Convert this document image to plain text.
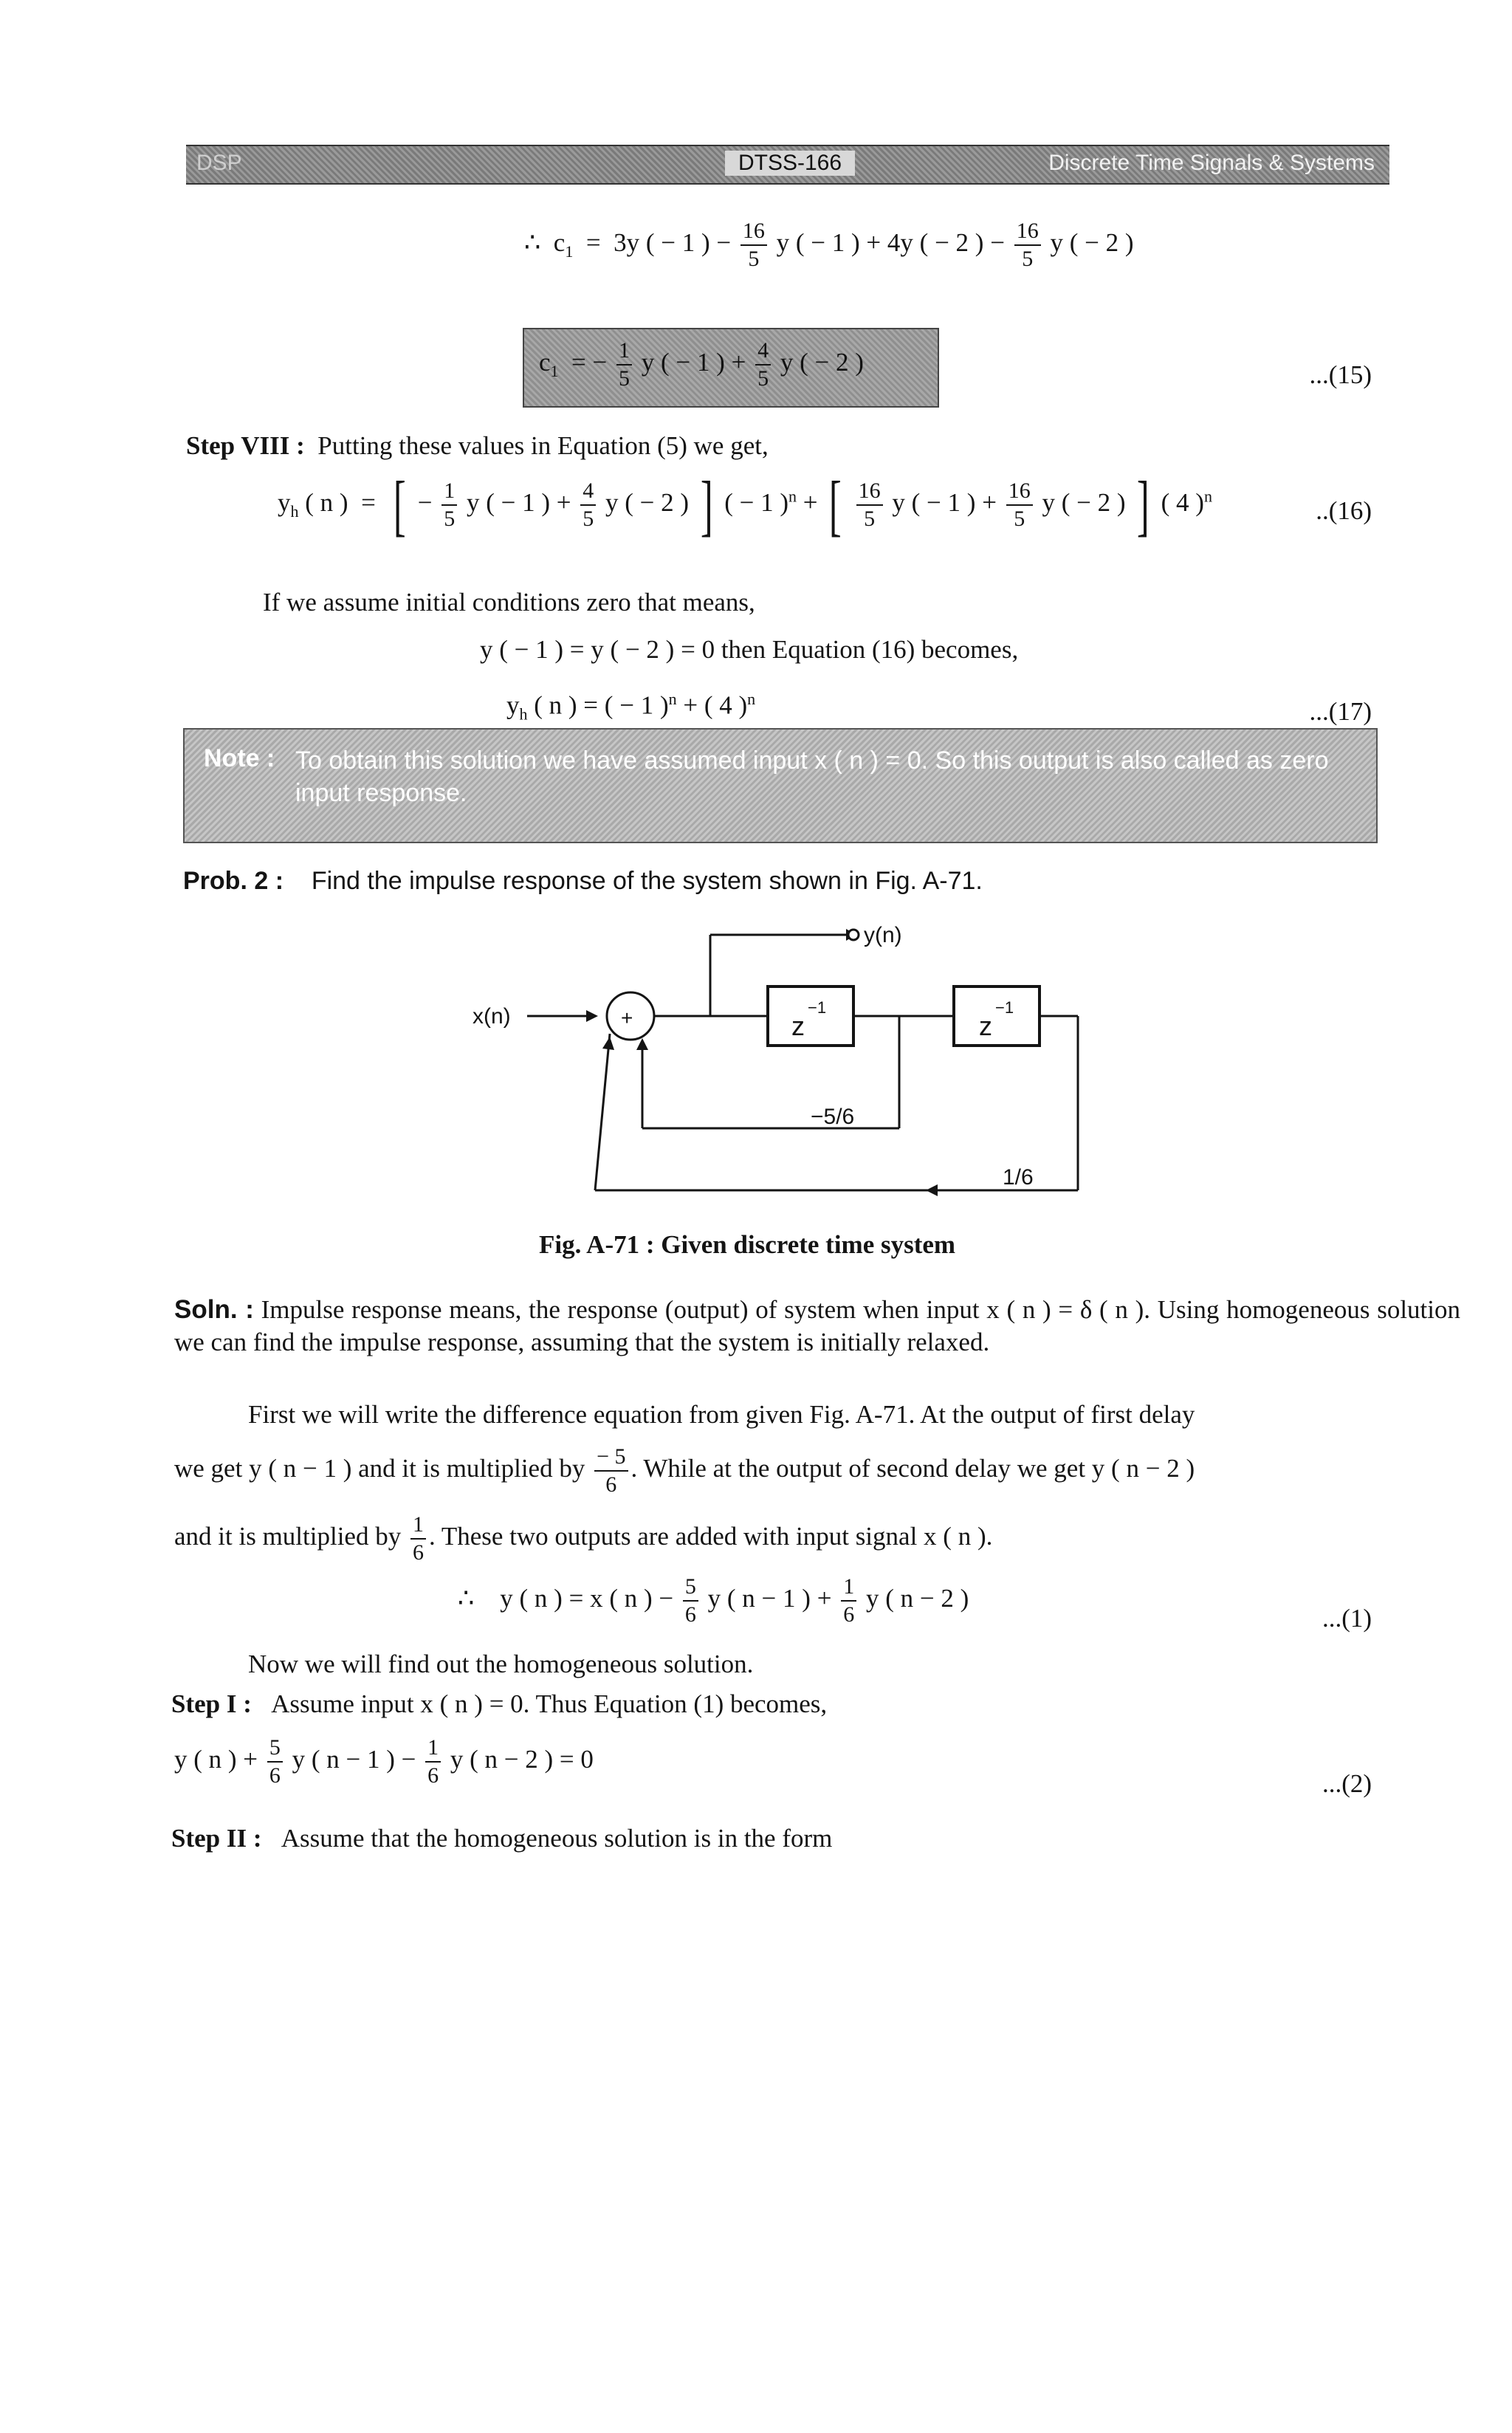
DSP	DTSS-166	Discrete Time Signals & Systems
∴ $c_1 = 3y$ ( − 1 ) − $\frac{16}{5}$ y ( − 1 ) + 4y ( − 2 ) − $\frac{16}{5}$ y ( − 2 )
$c_1$ = − $\frac{1}{5}$ y ( − 1 ) + $\frac{4}{5}$ y ( − 2 )	...(15)
Step VIII : Putting these values in Equation (5) we get,
$y_h$ ( n ) = [ − $\frac{1}{5}$ y ( − 1 ) + $\frac{4}{5}$ y ( − 2 ) ] ( − 1 )$^n$ + [ $\frac{16}{5}$ y ( − 1 ) + $\frac{16}{5}$ y ( − 2 ) ] ( 4 )$^n$
..(16)
If we assume initial conditions zero that means,
y ( − 1 ) = y ( − 2 ) = 0 then Equation (16) becomes,
$y_h$ ( n ) = ( − 1 )$^n$ + ( 4 )$^n$	...(17)
Note : To obtain this solution we have assumed input x ( n ) = 0. So this output is also called as zero input response.
Prob. 2 : Find the impulse response of the system shown in Fig. A-71.
x(n)
y(n)
+	z
−1
z
−1
−5/6
1/6
Fig. A-71 : Given discrete time system
Soln. : Impulse response means, the response (output) of system when input x ( n ) = δ ( n ). Using homogeneous solution we can find the impulse response, assuming that the system is initially relaxed.
First we will write the difference equation from given Fig. A-71. At the output of first delay
we get y ( n − 1 ) and it is multiplied by $\frac{- 5}{6}$ . While at the output of second delay we get y ( n − 2 )
and it is multiplied by $\frac{1}{6}$ . These two outputs are added with input signal x ( n ).
∴ y ( n ) = x ( n ) − $\frac{5}{6}$ y ( n − 1 ) + $\frac{1}{6}$ y ( n − 2 )
...(1)
Now we will find out the homogeneous solution.
Step I : Assume input x ( n ) = 0. Thus Equation (1) becomes,
y ( n ) + $\frac{5}{6}$ y ( n − 1 ) − $\frac{1}{6}$ y ( n − 2 ) = 0
...(2)
Step II : Assume that the homogeneous solution is in the form
